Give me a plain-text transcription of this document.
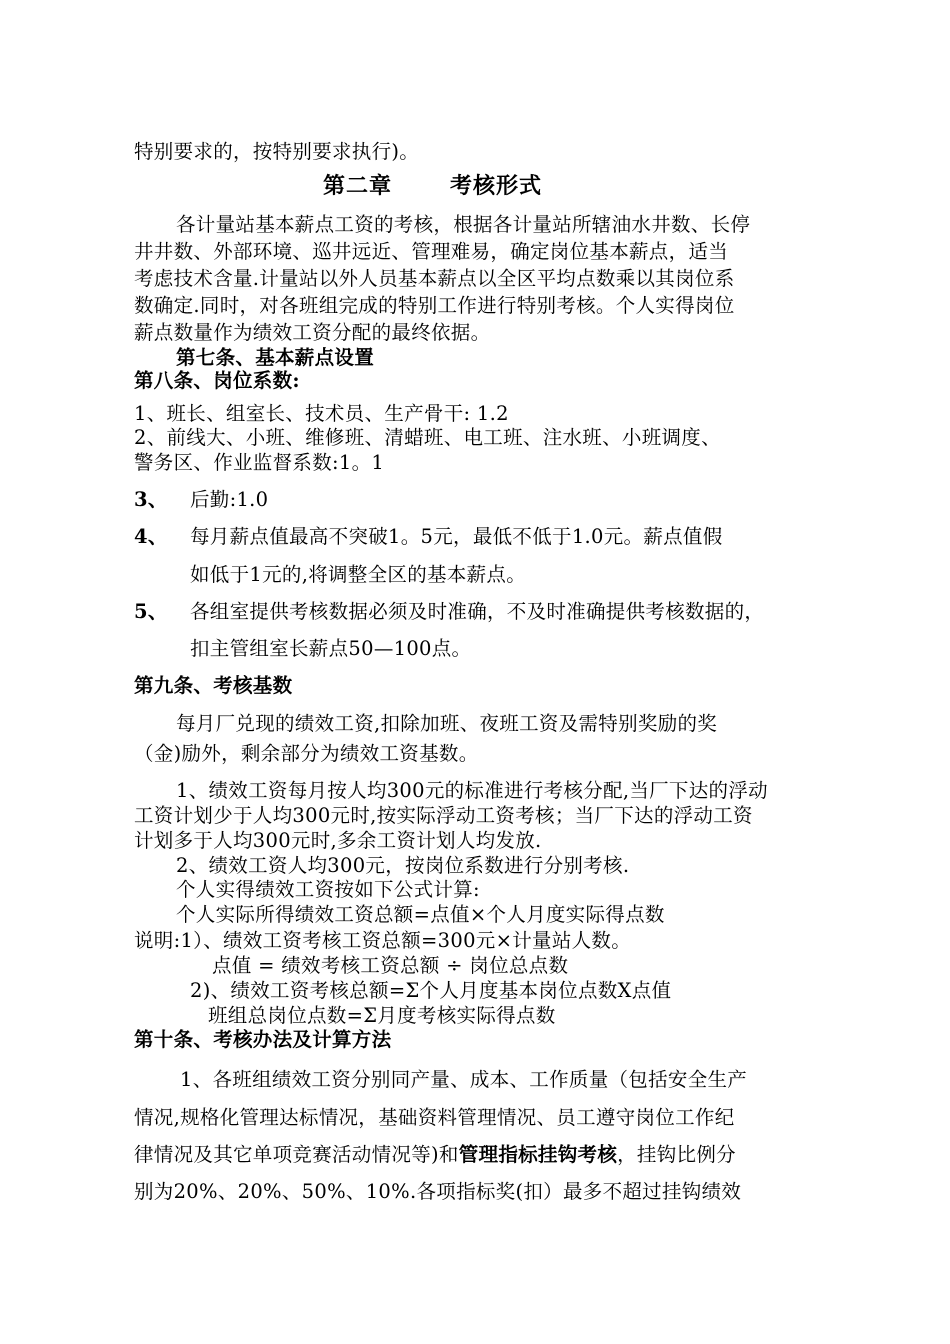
特别要求的，按特别要求执行)。
第二章	考核形式
各计量站基本薪点工资的考核，根据各计量站所辖油水井数、长停
井井数、外部环境、巡井远近、管理难易，确定岗位基本薪点，适当
考虑技术含量.计量站以外人员基本薪点以全区平均点数乘以其岗位系
数确定.同时，对各班组完成的特别工作进行特别考核。个人实得岗位
薪点数量作为绩效工资分配的最终依据。
第七条、基本薪点设置
第八条、岗位系数:
1、班长、组室长、技术员、生产骨干: 1.2
2、前线大、小班、维修班、清蜡班、电工班、注水班、小班调度、
警务区、作业监督系数:1。1
3、 后勤:1.0
4、 每月薪点值最高不突破1。5元，最低不低于1.0元。薪点值假
如低于1元的,将调整全区的基本薪点。
5、 各组室提供考核数据必须及时准确，不及时准确提供考核数据的，
扣主管组室长薪点50—100点。
第九条、考核基数
每月厂兑现的绩效工资,扣除加班、夜班工资及需特别奖励的奖
（金)励外，剩余部分为绩效工资基数。
1、绩效工资每月按人均300元的标准进行考核分配,当厂下达的浮动
工资计划少于人均300元时,按实际浮动工资考核；当厂下达的浮动工资
计划多于人均300元时,多余工资计划人均发放.
2、绩效工资人均300元，按岗位系数进行分别考核.
个人实得绩效工资按如下公式计算:
个人实际所得绩效工资总额=点值×个人月度实际得点数
说明:1）、绩效工资考核工资总额=300元×计量站人数。
点值 = 绩效考核工资总额 ÷ 岗位总点数
2)、绩效工资考核总额=Σ个人月度基本岗位点数Χ点值
班组总岗位点数=Σ月度考核实际得点数
第十条、考核办法及计算方法
1、各班组绩效工资分别同产量、成本、工作质量（包括安全生产
情况,规格化管理达标情况，基础资料管理情况、员工遵守岗位工作纪
律情况及其它单项竞赛活动情况等)和管理指标挂钩考核，挂钩比例分
别为20%、20%、50%、10%.各项指标奖(扣）最多不超过挂钩绩效
